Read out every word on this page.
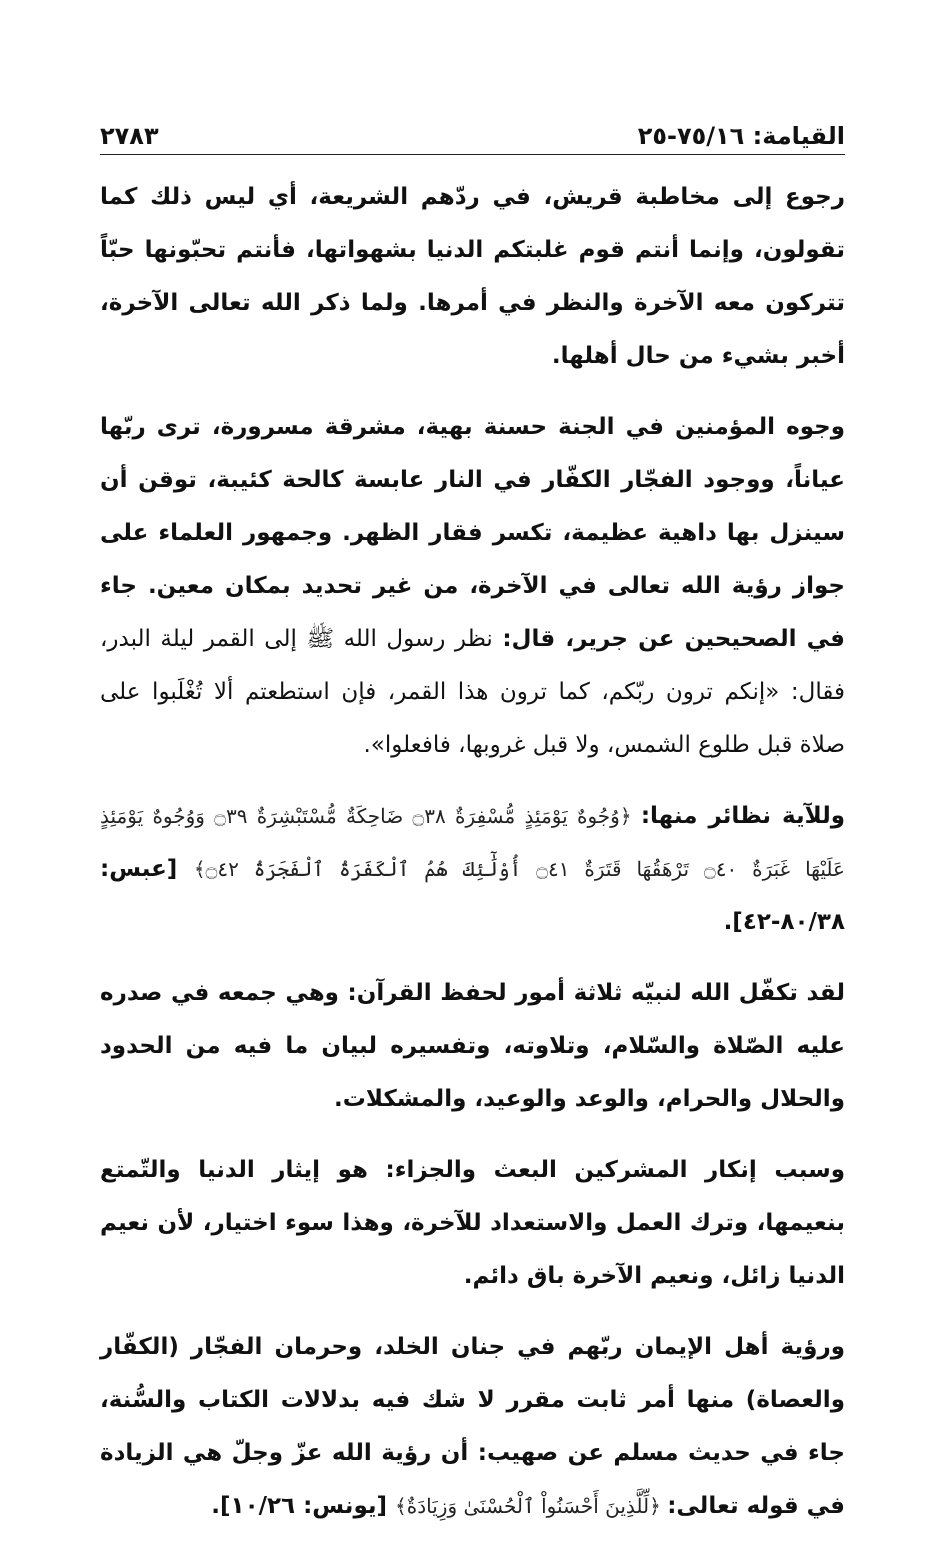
القيامة: ٧٥/١٦-٢٥
٢٧٨٣

رجوع إلى مخاطبة قريش، في ردّهم الشريعة، أي ليس ذلك كما تقولون، وإنما أنتم قوم غلبتكم الدنيا بشهواتها، فأنتم تحبّونها حبّاً تتركون معه الآخرة والنظر في أمرها. ولما ذكر الله تعالى الآخرة، أخبر بشيء من حال أهلها.

وجوه المؤمنين في الجنة حسنة بهية، مشرقة مسرورة، ترى ربّها عياناً، ووجود الفجّار الكفّار في النار عابسة كالحة كئيبة، توقن أن سينزل بها داهية عظيمة، تكسر فقار الظهر. وجمهور العلماء على جواز رؤية الله تعالى في الآخرة، من غير تحديد بمكان معين. جاء في الصحيحين عن جرير، قال: نظر رسول الله ﷺ إلى القمر ليلة البدر، فقال: «إنكم ترون ربّكم، كما ترون هذا القمر، فإن استطعتم ألا تُغْلَبوا على صلاة قبل طلوع الشمس، ولا قبل غروبها، فافعلوا».

وللآية نظائر منها: ﴿وُجُوهٌ يَوْمَئِذٍ مُّسْفِرَةٌ ۝٣٨ ضَاحِكَةٌ مُّسْتَبْشِرَةٌ ۝٣٩ وَوُجُوهٌ يَوْمَئِذٍ عَلَيْهَا غَبَرَةٌ ۝٤٠ تَرْهَقُهَا قَتَرَةٌ ۝٤١ أُوْلَٰٓئِكَ هُمُ ٱلْكَفَرَةُ ٱلْفَجَرَةُ ۝٤٢﴾ [عبس: ٨٠/٣٨-٤٢].

لقد تكفّل الله لنبيّه ثلاثة أمور لحفظ القرآن: وهي جمعه في صدره عليه الصّلاة والسّلام، وتلاوته، وتفسيره لبيان ما فيه من الحدود والحلال والحرام، والوعد والوعيد، والمشكلات.

وسبب إنكار المشركين البعث والجزاء: هو إيثار الدنيا والتّمتع بنعيمها، وترك العمل والاستعداد للآخرة، وهذا سوء اختيار، لأن نعيم الدنيا زائل، ونعيم الآخرة باق دائم.

ورؤية أهل الإيمان ربّهم في جنان الخلد، وحرمان الفجّار (الكفّار والعصاة) منها أمر ثابت مقرر لا شك فيه بدلالات الكتاب والسُّنة، جاء في حديث مسلم عن صهيب: أن رؤية الله عزّ وجلّ هي الزيادة في قوله تعالى: ﴿لِّلَّذِينَ أَحْسَنُواْ ٱلْحُسْنَىٰ وَزِيَادَةٌ﴾ [يونس: ١٠/٢٦].
